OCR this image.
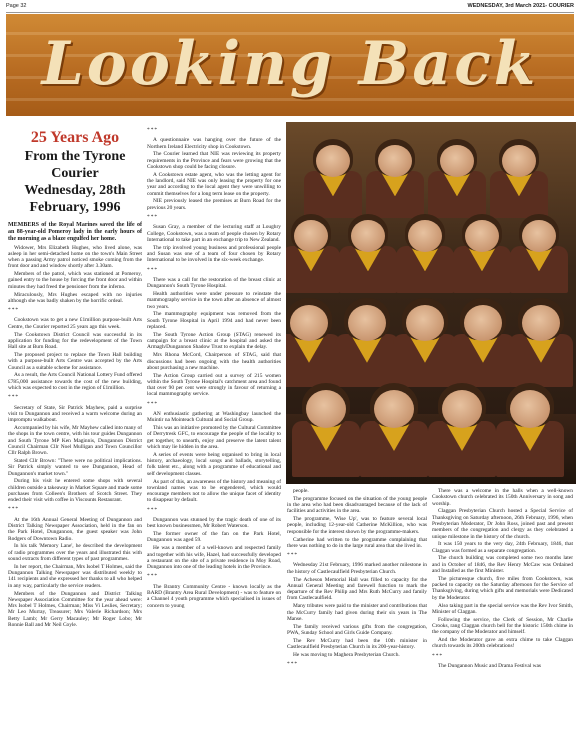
Page 32	WEDNESDAY, 3rd March 2021- COURIER
Looking Back
25 Years Ago
From the Tyrone Courier
Wednesday, 28th February, 1996

MEMBERS of the Royal Marines saved the life of an 88-year-old Pomeroy lady in the early hours of the morning as a blaze engulfed her home.

Widower, Mrs Elizabeth Hughes, who lived alone, was asleep in her semi-detached home on the town's Main Street when a passing Army patrol noticed smoke coming from the front door and and window shortly after 3.30am.

Members of the patrol, which was stationed at Pomeroy, gained entry to the house by forcing the front door and within minutes they had freed the pensioner from the inferno.

Miraculously, Mrs Hughes escaped with no injuries although she was badly shaken by the horrific ordeal.

***

Cookstown was to get a new £1million purpose-built Arts Centre, the Courier reported 25 years ago this week.

The Cookstown District Council was successful in its application for funding for the redevelopment of the Town Hall site at Burn Road.

The proposed project to replace the Town Hall building with a purpose-built Arts Centre was accepted by the Arts Council as a suitable scheme for assistance.

As a result, the Arts Council National Lottery Fund offered £785,000 assistance towards the cost of the new building, which was expected to cost in the region of £1million.

***

Secretary of State, Sir Patrick Mayhew, paid a surprise visit to Dungannon and received a warm welcome during an impromptu walkabout.

Accompanied by his wife, Mr Mayhew called into many of the shops in the town centre, with his tour guides Dungannon and South Tyrone MP Ken Maginnis, Dungannon District Council Chairman Cllr Noel Mulligan and Town Councillor Cllr Ralph Brown.

Stated Cllr Brown: "There were no political implications. Sir Patrick simply wanted to see Dungannon, Head of Dungannon's market town."

During his visit he entered some shops with several children outside a takeaway in Market Square and made some purchases from Colleen's Brothers of Scotch Street. They ended their visit with coffee in Viscounts Restaurant.

***

At the 16th Annual General Meeting of Dungannon and District Talking Newspaper Association, held in the fan on the Park Hotel, Dungannon, the guest speaker was John Rodgers of Downtown Radio.

In his talk 'Memory Lane', he described the development of radio programmes over the years and illustrated this with sound extracts from different types of past programmes.

In her report, the Chairman, Mrs Isobel T Holmes, said the Dungannon Talking Newspaper was distributed weekly to 141 recipients and she expressed her thanks to all who helped in any way, particularly the service readers.

Members of the Dungannon and District Talking Newspaper Association Committee for the year ahead were: Mrs Isobel T Holmes, Chairman; Miss Vi Leslies, Secretary; Mr Leo Murray, Treasurer; Mrs Valerie Richardson; Mrs Betty Lamb; Mr Gerry Macauley; Mr Roger Lobo; Mr Ronnie Ball and Mr Neil Coyle.

***

A questionnaire was hanging over the future of the Northern Ireland Electricity shop in Cookstown.

The Courier learned that NIE was reviewing its property requirements in the Province and fears were growing that the Cookstown shop could be facing closure.

A Cookstown estate agent, who was the letting agent for the landlord, said NIE was only leasing the property for one year and according to the local agent they were unwilling to commit themselves for a long term lease on the property.

NIE previously leased the premises at Burn Road for the previous 20 years.

***

Susan Gray, a member of the lecturing staff at Loughry College, Cookstown, was a team of people chosen by Rotary International to take part in an exchange trip to New Zealand.

The trip involved young business and professional people and Susan was one of a team of four chosen by Rotary International to be involved in the six-week exchange.

***

There was a call for the restoration of the breast clinic at Dungannon's South Tyrone Hospital.

Health authorities were under pressure to reinstate the mammography service in the town after an absence of almost two years.

The mammography equipment was removed from the South Tyrone Hospital in April 1994 and had never been replaced.

The South Tyrone Action Group (STAG) renewed its campaign for a breast clinic at the hospital and asked the Armagh/Dungannon Shadow Trust to explain the delay.

Mrs Rhona McCord, Chairperson of STAG, said that discussions had been ongoing with the health authorities about purchasing a new machine.

The Action Group carried out a survey of 215 women within the South Tyrone Hospital's catchment area and found that over 90 per cent were strongly in favour of returning a local mammography service.

***

AN enthusiastic gathering at Washingbay launched the Muintir na Mointeach Cultural and Social Group.

This was an initiative promoted by the Cultural Committee of Derrytresk GFC, to encourage the people of the locality to get together, to unearth, enjoy and preserve the latent talent which may lie hidden in the area.

A series of events were being organised to bring in local history, archaeology, local songs and ballads, storytelling, folk talent etc., along with a programme of educational and self development classes.

As part of this, an awareness of the history and meaning of townland names was to be engendered, which would encourage members not to allow the unique facet of identity to disappear by default.

***

Dungannon was stunned by the tragic death of one of its best known businessmen, Mr Robert Waterson.

The former owner of the fan on the Park Hotel, Dungannon was aged 59.

He was a member of a well-known and respected family and together with his wife, Hazel, had successfully developed a restaurant on the site of a private residence in Moy Road, Dungannon into one of the leading hotels in the Province.

***

The Brantry Community Centre - known locally as the BARD (Brantry Area Rural Development) - was to feature on a Channel 4 youth programme which specialised in issues of concern to young

people.

The programme focused on the situation of the young people in the area who had been disadvantaged because of the lack of facilities and activities in the area.

The programme, 'Wise Up', was to feature several local people, including 12-year-old Catherine McKillion, who was responsible for the interest shown by the programme-makers.

Catherine had written to the programme complaining that there was nothing to do in the large rural area that she lived in.

***

Wednesday 21st February, 1996 marked another milestone in the history of Castlecaulfield Presbyterian Church.

The Acheson Memorial Hall was filled to capacity for the Annual General Meeting and farewell function to mark the departure of the Rev Philip and Mrs Ruth McCurry and family from Castlecaulfield.

Many tributes were paid to the minister and contributions that the McCurry family had given during their six years in The Manse.

The family received various gifts from the congregation, PWA, Sunday School and Girls Guide Company.

The Rev McCurry had been the 10th minister in Castlecaulfield Presbyterian Church in its 200-year-history.

He was moving to Maghera Presbyterian Church.

***

There was a welcome in the halls when a well-known Cookstown church celebrated its 150th Anniversary in song and worship.

Claggan Presbyterian Church hosted a Special Service of Thanksgiving on Saturday afternoon, 26th February, 1996, when Presbyterian Moderator, Dr John Ross, joined past and present members of the congregation and clergy as they celebrated a unique milestone in the history of the church.

It was 150 years to the very day, 24th February, 1846, that Claggan was formed as a separate congregation.

The church building was completed some two months later and in October of 1846, the Rev Henry McCaw was Ordained and Installed as the first Minister.

The picturesque church, five miles from Cookstown, was packed to capacity on the Saturday afternoon for the Service of Thanksgiving, during which gifts and memorials were Dedicated by the Moderator.

Also taking part in the special service was the Rev Ivor Smith, Minister of Claggan.

Following the service, the Clerk of Session, Mr Charlie Crooks, rang Claggan church bell for the historic 150th chime in the company of the Moderator and himself.

And the Moderator gave an extra chime to take Claggan church towards its 200th celebrations!

***

The Dungannon Music and Drama Festival was
